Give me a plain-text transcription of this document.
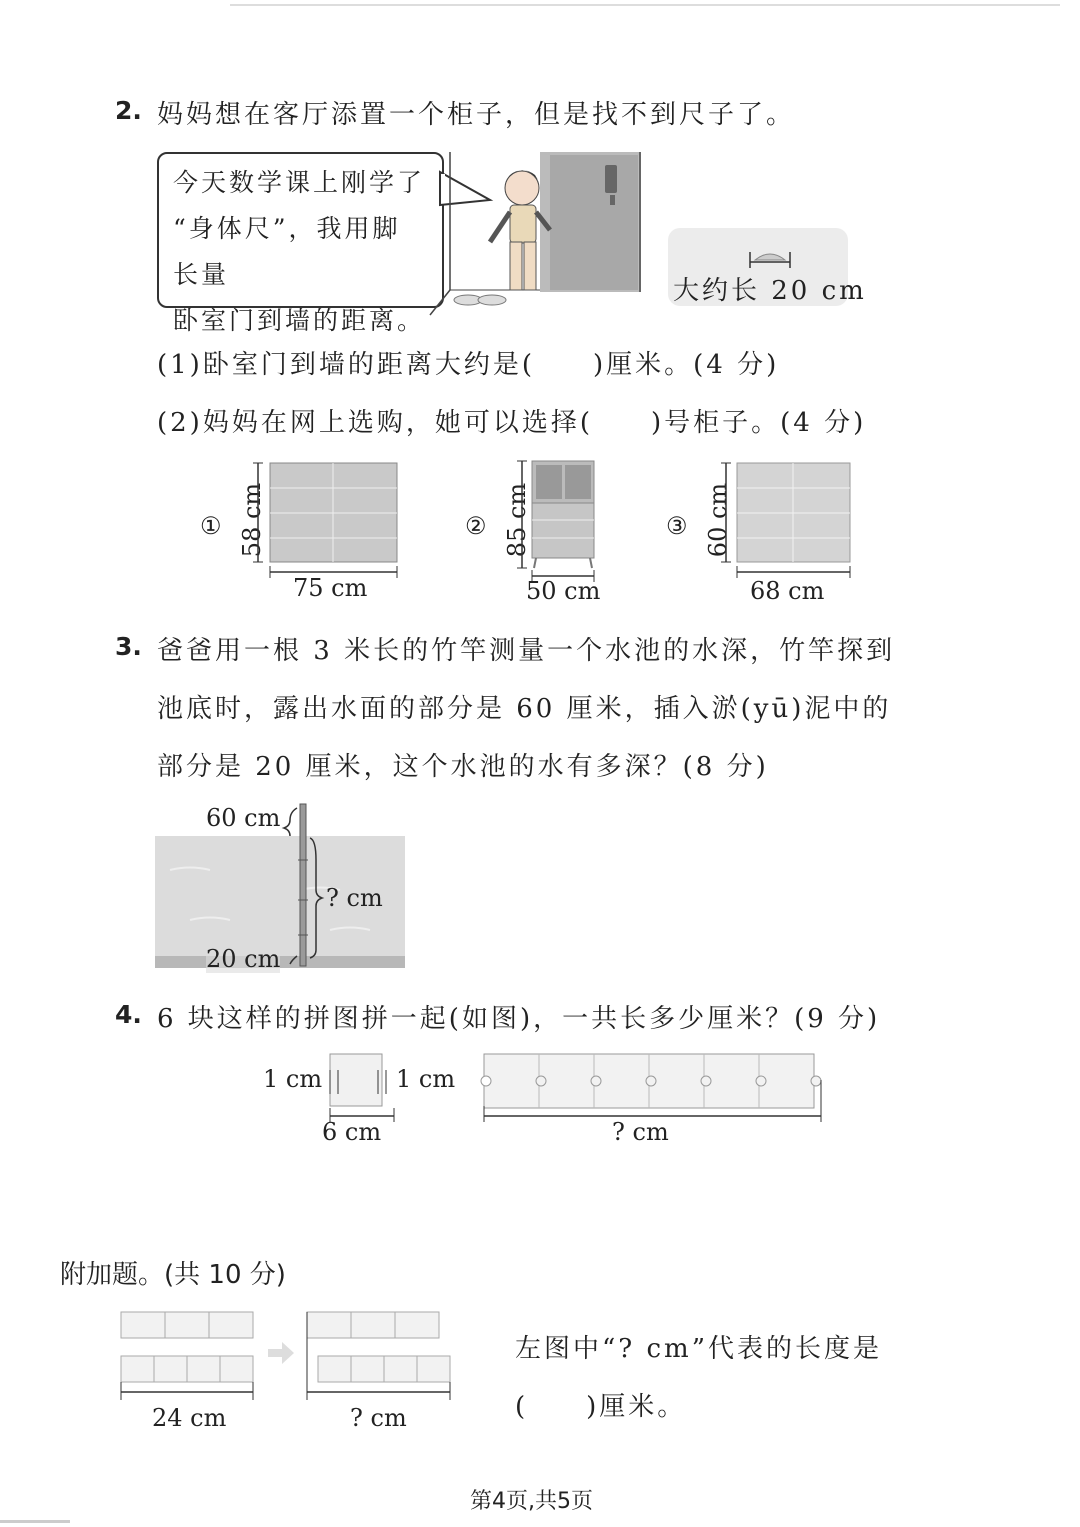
2. 妈妈想在客厅添置一个柜子，但是找不到尺子了。
今天数学课上刚学了
“身体尺”，我用脚长量
卧室门到墙的距离。
大约长 20 cm
(1)卧室门到墙的距离大约是(　　)厘米。(4 分)
(2)妈妈在网上选购，她可以选择(　　)号柜子。(4 分)
① 58 cm
75 cm
② 85 cm
50 cm
③ 60 cm
68 cm
3. 爸爸用一根 3 米长的竹竿测量一个水池的水深，竹竿探到
池底时，露出水面的部分是 60 厘米，插入淤(yū)泥中的
部分是 20 厘米，这个水池的水有多深？(8 分)
60 cm
? cm
20 cm
4. 6 块这样的拼图拼一起(如图)，一共长多少厘米？(9 分)
1 cm	1 cm
6 cm	? cm
附加题。(共 10 分)
24 cm	? cm
左图中“? cm”代表的长度是
(　　)厘米。
第4页,共5页
